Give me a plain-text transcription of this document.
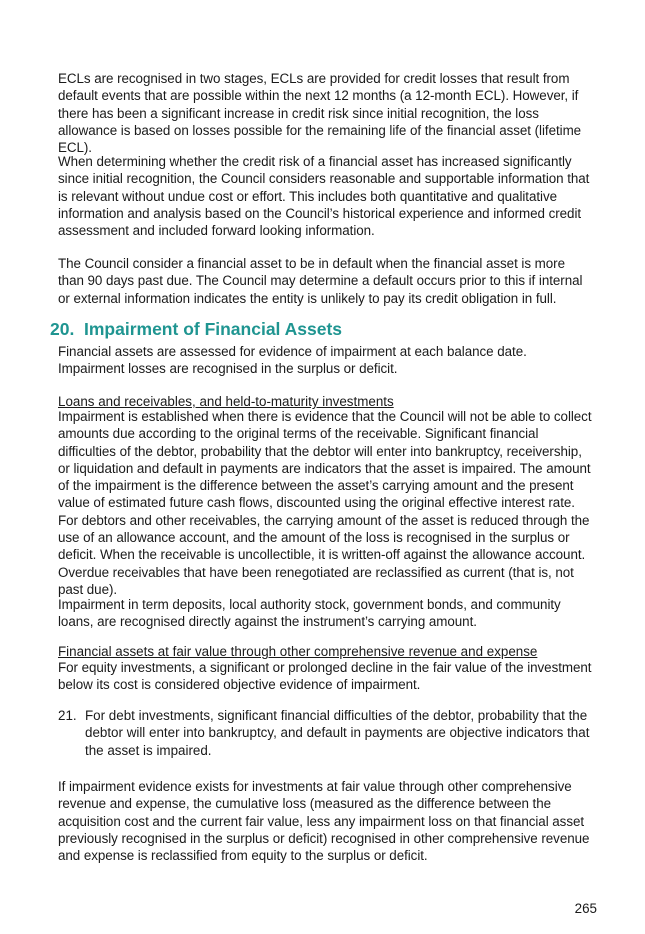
ECLs are recognised in two stages, ECLs are provided for credit losses that result from default events that are possible within the next 12 months (a 12-month ECL). However, if there has been a significant increase in credit risk since initial recognition, the loss allowance is based on losses possible for the remaining life of the financial asset (lifetime ECL).

When determining whether the credit risk of a financial asset has increased significantly since initial recognition, the Council considers reasonable and supportable information that is relevant without undue cost or effort. This includes both quantitative and qualitative information and analysis based on the Council’s historical experience and informed credit assessment and included forward looking information.

The Council consider a financial asset to be in default when the financial asset is more than 90 days past due. The Council may determine a default occurs prior to this if internal or external information indicates the entity is unlikely to pay its credit obligation in full.

20. Impairment of Financial Assets

Financial assets are assessed for evidence of impairment at each balance date. Impairment losses are recognised in the surplus or deficit.

Loans and receivables, and held-to-maturity investments

Impairment is established when there is evidence that the Council will not be able to collect amounts due according to the original terms of the receivable. Significant financial difficulties of the debtor, probability that the debtor will enter into bankruptcy, receivership, or liquidation and default in payments are indicators that the asset is impaired. The amount of the impairment is the difference between the asset’s carrying amount and the present value of estimated future cash flows, discounted using the original effective interest rate. For debtors and other receivables, the carrying amount of the asset is reduced through the use of an allowance account, and the amount of the loss is recognised in the surplus or deficit. When the receivable is uncollectible, it is written-off against the allowance account. Overdue receivables that have been renegotiated are reclassified as current (that is, not past due).

Impairment in term deposits, local authority stock, government bonds, and community loans, are recognised directly against the instrument’s carrying amount.

Financial assets at fair value through other comprehensive revenue and expense

For equity investments, a significant or prolonged decline in the fair value of the investment below its cost is considered objective evidence of impairment.

21. For debt investments, significant financial difficulties of the debtor, probability that the debtor will enter into bankruptcy, and default in payments are objective indicators that the asset is impaired.

If impairment evidence exists for investments at fair value through other comprehensive revenue and expense, the cumulative loss (measured as the difference between the acquisition cost and the current fair value, less any impairment loss on that financial asset previously recognised in the surplus or deficit) recognised in other comprehensive revenue and expense is reclassified from equity to the surplus or deficit.

265
